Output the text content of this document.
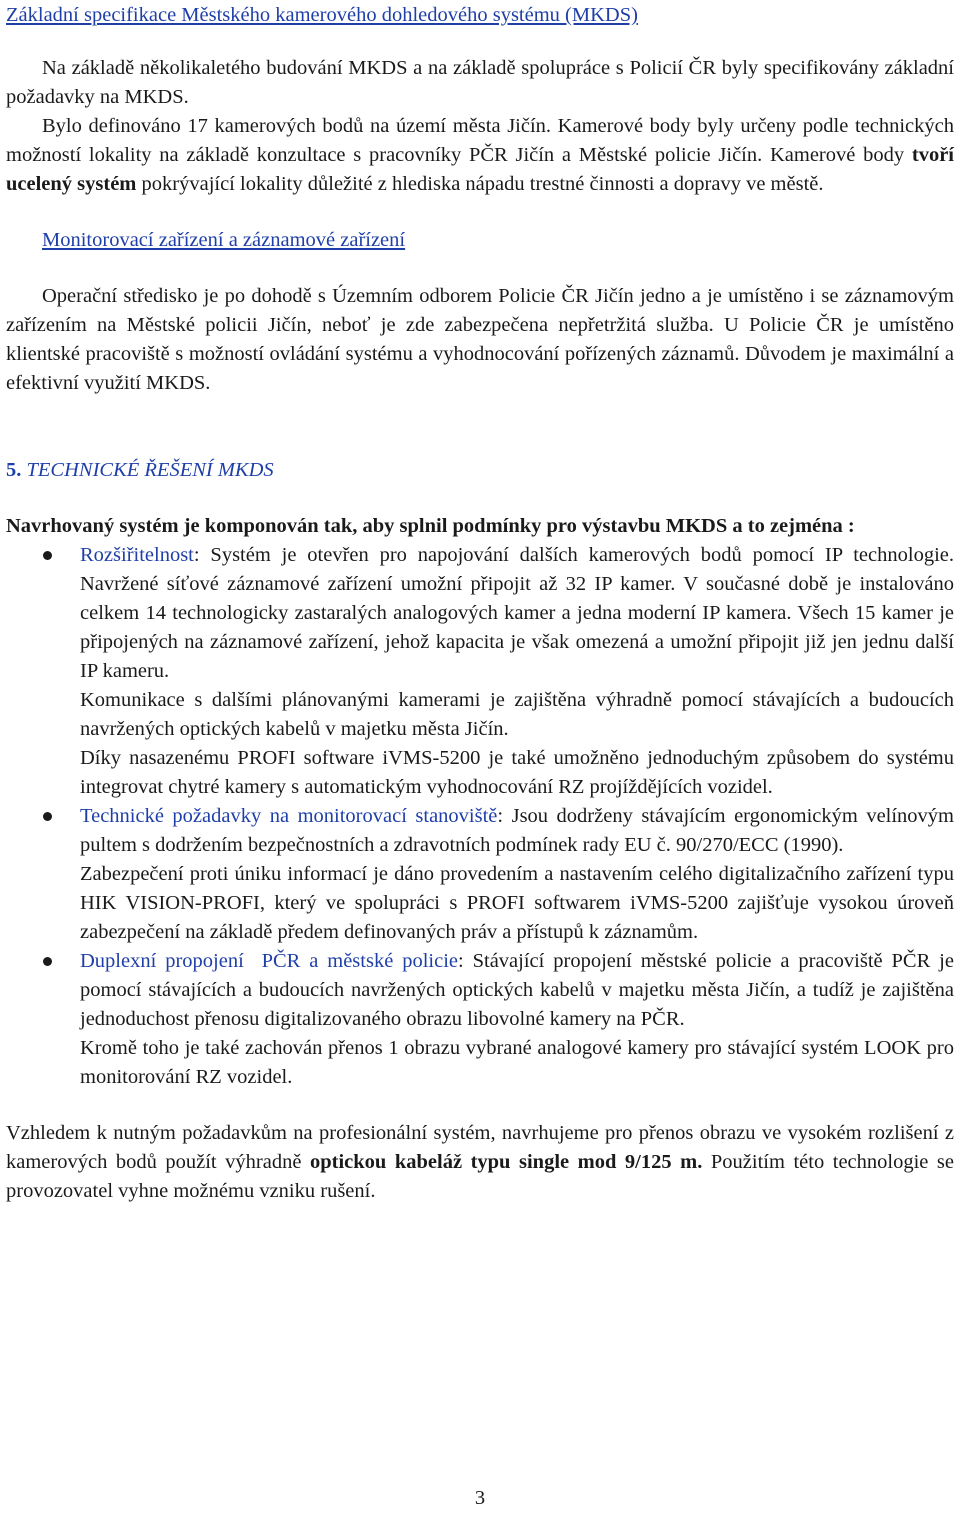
Základní specifikace Městského kamerového dohledového systému (MKDS)

Na základě několikaletého budování MKDS a na základě spolupráce s Policií ČR byly specifikovány základní požadavky na MKDS.

Bylo definováno 17 kamerových bodů na území města Jičín. Kamerové body byly určeny podle technických možností lokality na základě konzultace s pracovníky PČR Jičín a Městské policie Jičín. Kamerové body tvoří ucelený systém pokrývající lokality důležité z hlediska nápadu trestné činnosti a dopravy ve městě.

Monitorovací zařízení a záznamové zařízení

Operační středisko je po dohodě s Územním odborem Policie ČR Jičín jedno a je umístěno i se záznamovým zařízením na Městské policii Jičín, neboť je zde zabezpečena nepřetržitá služba. U Policie ČR je umístěno klientské pracoviště s možností ovládání systému a vyhodnocování pořízených záznamů. Důvodem je maximální a efektivní využití MKDS.

5. TECHNICKÉ ŘEŠENÍ MKDS

Navrhovaný systém je komponován tak, aby splnil podmínky pro výstavbu MKDS a to zejména :

Rozšiřitelnost: Systém je otevřen pro napojování dalších kamerových bodů pomocí IP technologie. Navržené síťové záznamové zařízení umožní připojit až 32 IP kamer. V současné době je instalováno celkem 14 technologicky zastaralých analogových kamer a jedna moderní IP kamera. Všech 15 kamer je připojených na záznamové zařízení, jehož kapacita je však omezená a umožní připojit již jen jednu další IP kameru.

Komunikace s dalšími plánovanými kamerami je zajištěna výhradně pomocí stávajících a budoucích navržených optických kabelů v majetku města Jičín.

Díky nasazenému PROFI software iVMS-5200 je také umožněno jednoduchým způsobem do systému integrovat chytré kamery s automatickým vyhodnocování RZ projíždějících vozidel.

Technické požadavky na monitorovací stanoviště: Jsou dodrženy stávajícím ergonomickým velínovým pultem s dodržením bezpečnostních a zdravotních podmínek rady EU č. 90/270/ECC (1990).

Zabezpečení proti úniku informací je dáno provedením a nastavením celého digitalizačního zařízení typu HIK VISION-PROFI, který ve spolupráci s PROFI softwarem iVMS-5200 zajišťuje vysokou úroveň zabezpečení na základě předem definovaných práv a přístupů k záznamům.

Duplexní propojení  PČR a městské policie: Stávající propojení městské policie a pracoviště PČR je pomocí stávajících a budoucích navržených optických kabelů v majetku města Jičín, a tudíž je zajištěna jednoduchost přenosu digitalizovaného obrazu libovolné kamery na PČR.

Kromě toho je také zachován přenos 1 obrazu vybrané analogové kamery pro stávající systém LOOK pro monitorování RZ vozidel.

Vzhledem k nutným požadavkům na profesionální systém, navrhujeme pro přenos obrazu ve vysokém rozlišení z kamerových bodů použít výhradně optickou kabeláž typu single mod 9/125 m. Použitím této technologie se provozovatel vyhne možnému vzniku rušení.

3
